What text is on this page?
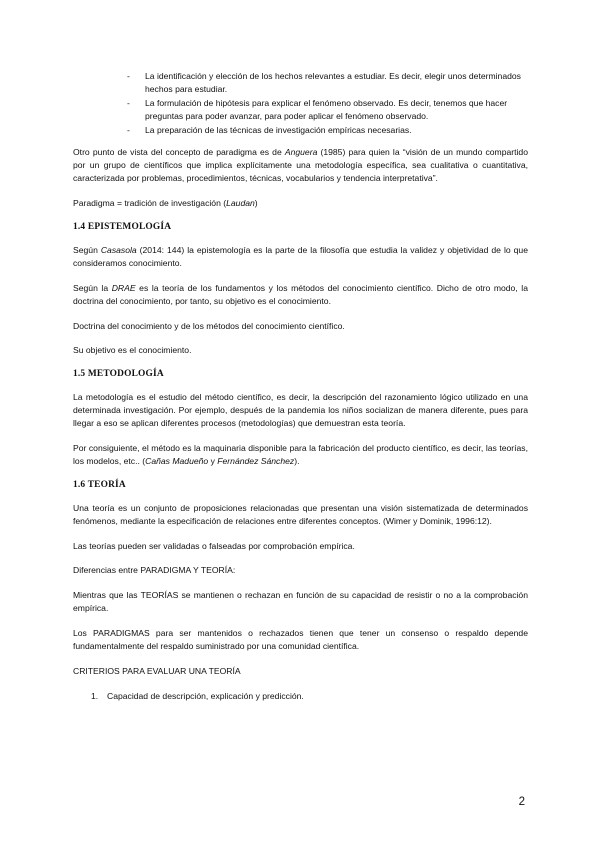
- La identificación y elección de los hechos relevantes a estudiar. Es decir, elegir unos determinados hechos para estudiar.
- La formulación de hipótesis para explicar el fenómeno observado. Es decir, tenemos que hacer preguntas para poder avanzar, para poder aplicar el fenómeno observado.
- La preparación de las técnicas de investigación empíricas necesarias.

Otro punto de vista del concepto de paradigma es de Anguera (1985) para quien la “visión de un mundo compartido por un grupo de científicos que implica explícitamente una metodología específica, sea cualitativa o cuantitativa, caracterizada por problemas, procedimientos, técnicas, vocabularios y tendencia interpretativa”.

Paradigma = tradición de investigación (Laudan)

1.4 EPISTEMOLOGÍA

Según Casasola (2014: 144) la epistemología es la parte de la filosofía que estudia la validez y objetividad de lo que consideramos conocimiento.

Según la DRAE es la teoría de los fundamentos y los métodos del conocimiento científico. Dicho de otro modo, la doctrina del conocimiento, por tanto, su objetivo es el conocimiento.

Doctrina del conocimiento y de los métodos del conocimiento científico.

Su objetivo es el conocimiento.

1.5 METODOLOGÍA

La metodología es el estudio del método científico, es decir, la descripción del razonamiento lógico utilizado en una determinada investigación. Por ejemplo, después de la pandemia los niños socializan de manera diferente, pues para llegar a eso se aplican diferentes procesos (metodologías) que demuestran esta teoría.

Por consiguiente, el método es la maquinaria disponible para la fabricación del producto científico, es decir, las teorías, los modelos, etc.. (Cañas Madueño y Fernández Sánchez).

1.6 TEORÍA

Una teoría es un conjunto de proposiciones relacionadas que presentan una visión sistematizada de determinados fenómenos, mediante la especificación de relaciones entre diferentes conceptos. (Wimer y Dominik, 1996:12).

Las teorías pueden ser validadas o falseadas por comprobación empírica.

Diferencias entre PARADIGMA Y TEORÍA:

Mientras que las TEORÍAS se mantienen o rechazan en función de su capacidad de resistir o no a la comprobación empírica.

Los PARADIGMAS para ser mantenidos o rechazados tienen que tener un consenso o respaldo depende fundamentalmente del respaldo suministrado por una comunidad científica.

CRITERIOS PARA EVALUAR UNA TEORÍA

1. Capacidad de descripción, explicación y predicción.
2
